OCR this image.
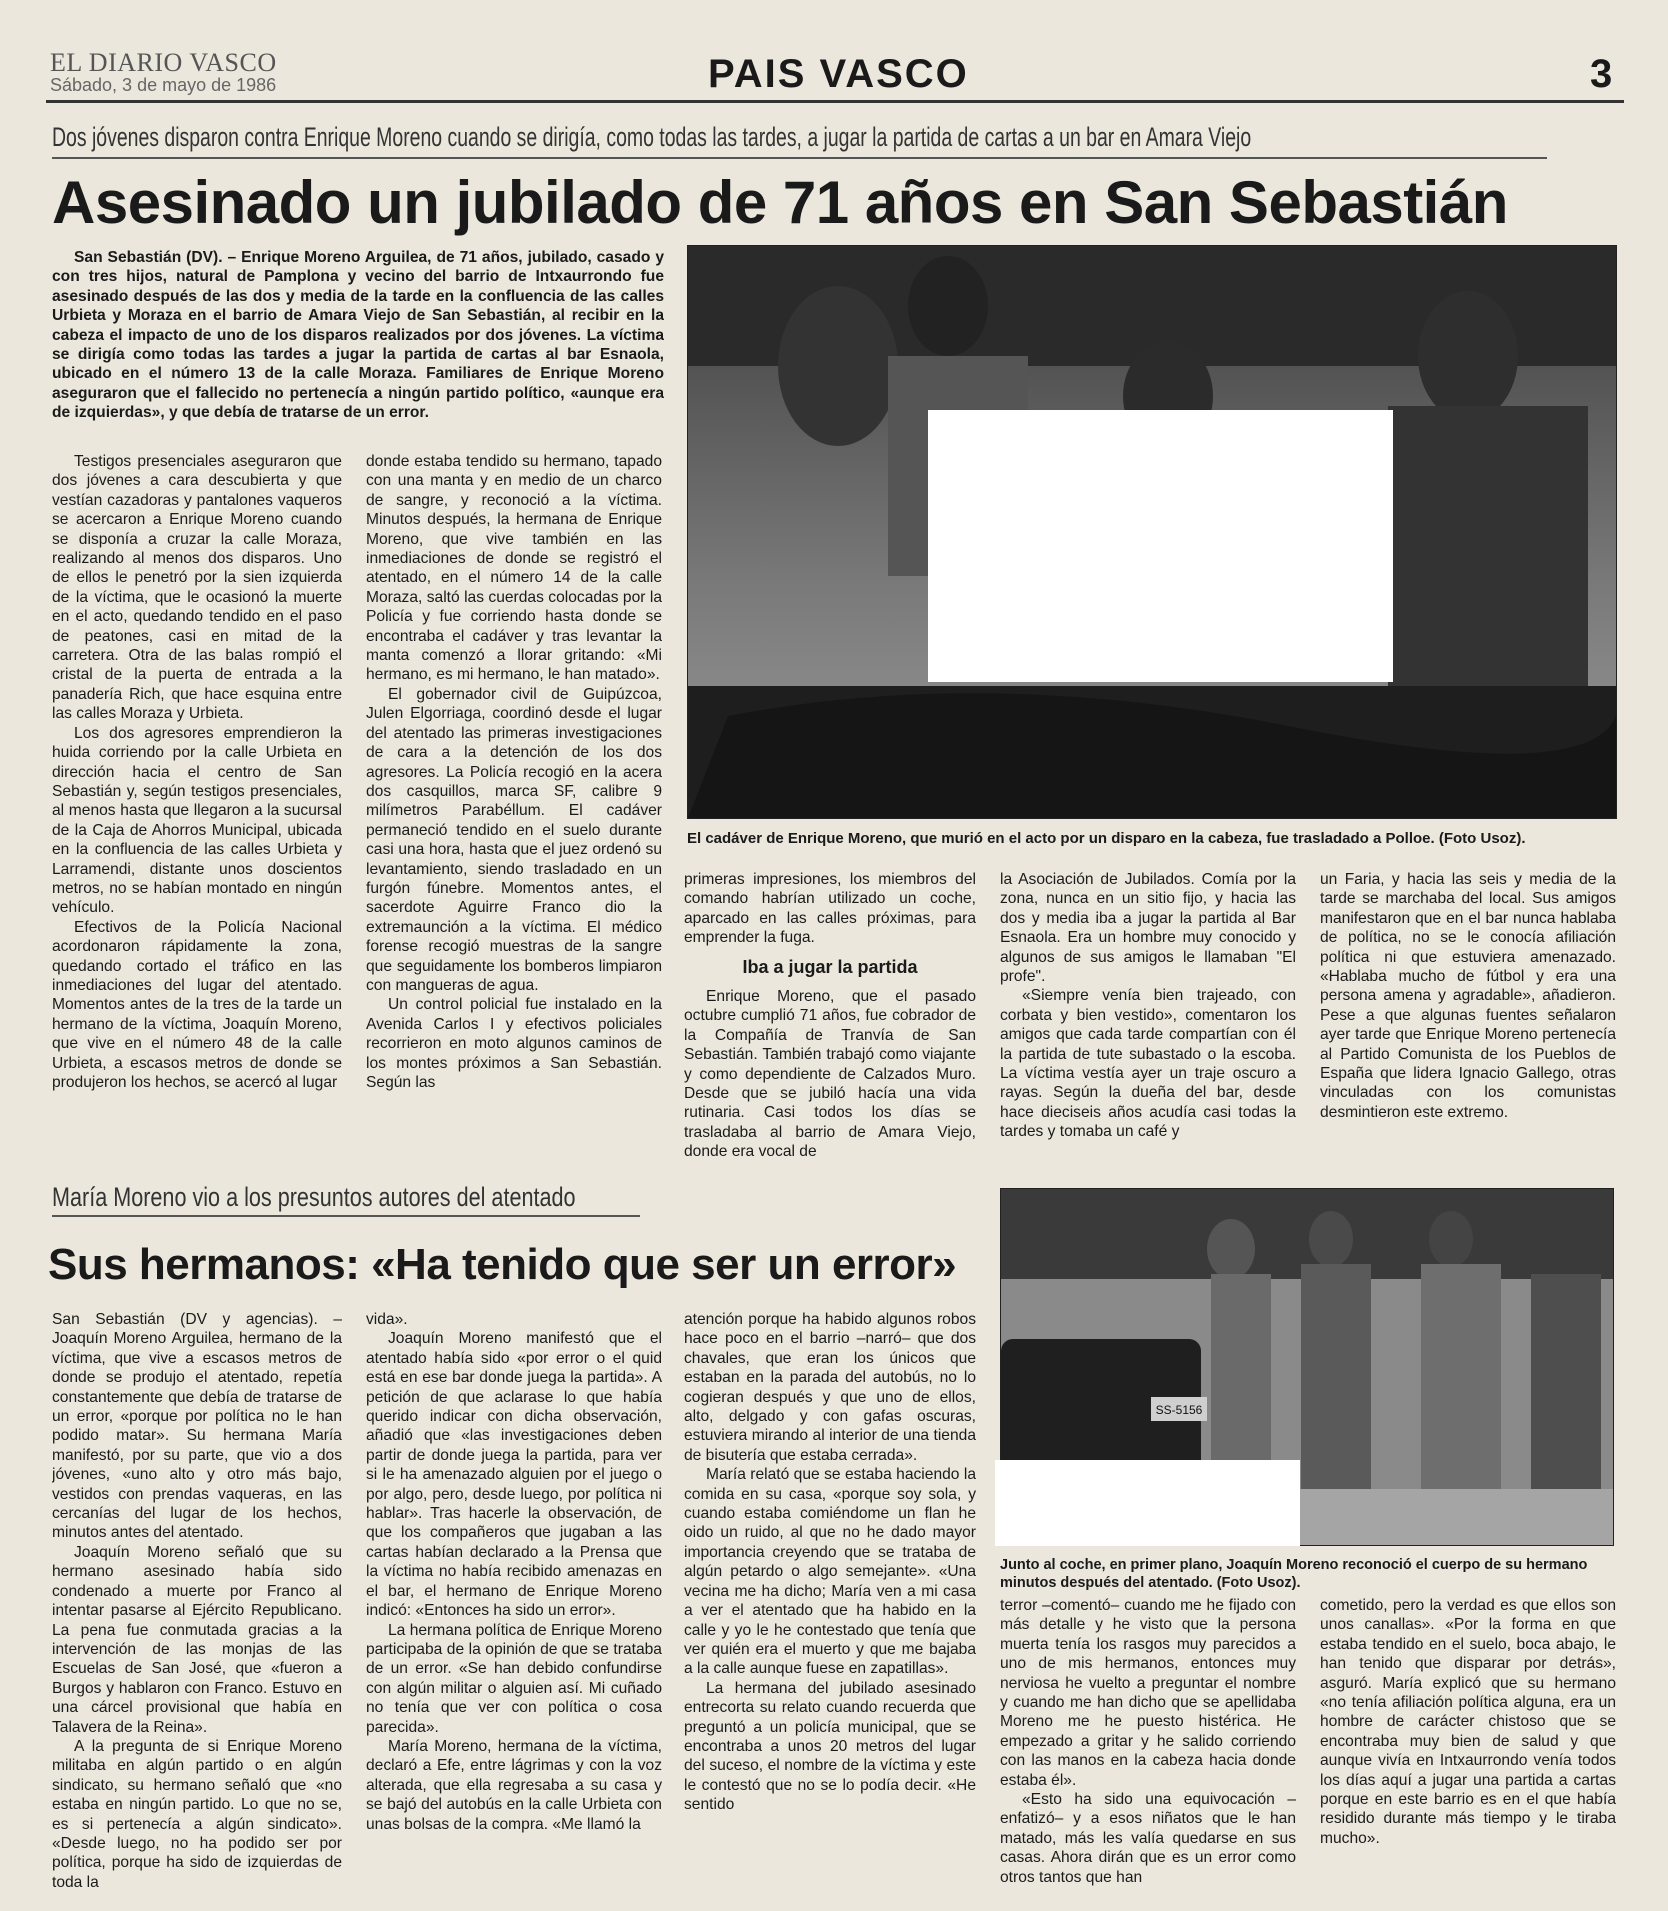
EL DIARIO VASCO
Sábado, 3 de mayo de 1986	PAIS VASCO	3
Dos jóvenes disparon contra Enrique Moreno cuando se dirigía, como todas las tardes, a jugar la partida de cartas a un bar en Amara Viejo
Asesinado un jubilado de 71 años en San Sebastián

San Sebastián (DV). – Enrique Moreno Arguilea, de 71 años, jubilado, casado y con tres hijos, natural de Pamplona y vecino del barrio de Intxaurrondo fue asesinado después de las dos y media de la tarde en la confluencia de las calles Urbieta y Moraza en el barrio de Amara Viejo de San Sebastián, al recibir en la cabeza el impacto de uno de los disparos realizados por dos jóvenes. La víctima se dirigía como todas las tardes a jugar la partida de cartas al bar Esnaola, ubicado en el número 13 de la calle Moraza. Familiares de Enrique Moreno aseguraron que el fallecido no pertenecía a ningún partido político, «aunque era de izquierdas», y que debía de tratarse de un error.

El cadáver de Enrique Moreno, que murió en el acto por un disparo en la cabeza, fue trasladado a Polloe. (Foto Usoz).

Testigos presenciales aseguraron que dos jóvenes a cara descubierta y que vestían cazadoras y pantalones vaqueros se acercaron a Enrique Moreno cuando se disponía a cruzar la calle Moraza, realizando al menos dos disparos. Uno de ellos le penetró por la sien izquierda de la víctima, que le ocasionó la muerte en el acto, quedando tendido en el paso de peatones, casi en mitad de la carretera. Otra de las balas rompió el cristal de la puerta de entrada a la panadería Rich, que hace esquina entre las calles Moraza y Urbieta.

Los dos agresores emprendieron la huida corriendo por la calle Urbieta en dirección hacia el centro de San Sebastián y, según testigos presenciales, al menos hasta que llegaron a la sucursal de la Caja de Ahorros Municipal, ubicada en la confluencia de las calles Urbieta y Larramendi, distante unos doscientos metros, no se habían montado en ningún vehículo.

Efectivos de la Policía Nacional acordonaron rápidamente la zona, quedando cortado el tráfico en las inmediaciones del lugar del atentado. Momentos antes de la tres de la tarde un hermano de la víctima, Joaquín Moreno, que vive en el número 48 de la calle Urbieta, a escasos metros de donde se produjeron los hechos, se acercó al lugar

donde estaba tendido su hermano, tapado con una manta y en medio de un charco de sangre, y reconoció a la víctima. Minutos después, la hermana de Enrique Moreno, que vive también en las inmediaciones de donde se registró el atentado, en el número 14 de la calle Moraza, saltó las cuerdas colocadas por la Policía y fue corriendo hasta donde se encontraba el cadáver y tras levantar la manta comenzó a llorar gritando: «Mi hermano, es mi hermano, le han matado».

El gobernador civil de Guipúzcoa, Julen Elgorriaga, coordinó desde el lugar del atentado las primeras investigaciones de cara a la detención de los dos agresores. La Policía recogió en la acera dos casquillos, marca SF, calibre 9 milímetros Parabéllum. El cadáver permaneció tendido en el suelo durante casi una hora, hasta que el juez ordenó su levantamiento, siendo trasladado en un furgón fúnebre. Momentos antes, el sacerdote Aguirre Franco dio la extremaunción a la víctima. El médico forense recogió muestras de la sangre que seguidamente los bomberos limpiaron con mangueras de agua.

Un control policial fue instalado en la Avenida Carlos I y efectivos policiales recorrieron en moto algunos caminos de los montes próximos a San Sebastián. Según las

primeras impresiones, los miembros del comando habrían utilizado un coche, aparcado en las calles próximas, para emprender la fuga.

Iba a jugar la partida

Enrique Moreno, que el pasado octubre cumplió 71 años, fue cobrador de la Compañía de Tranvía de San Sebastián. También trabajó como viajante y como dependiente de Calzados Muro. Desde que se jubiló hacía una vida rutinaria. Casi todos los días se trasladaba al barrio de Amara Viejo, donde era vocal de

la Asociación de Jubilados. Comía por la zona, nunca en un sitio fijo, y hacia las dos y media iba a jugar la partida al Bar Esnaola. Era un hombre muy conocido y algunos de sus amigos le llamaban "El profe".

«Siempre venía bien trajeado, con corbata y bien vestido», comentaron los amigos que cada tarde compartían con él la partida de tute subastado o la escoba. La víctima vestía ayer un traje oscuro a rayas. Según la dueña del bar, desde hace dieciseis años acudía casi todas la tardes y tomaba un café y

un Faria, y hacia las seis y media de la tarde se marchaba del local. Sus amigos manifestaron que en el bar nunca hablaba de política, no se le conocía afiliación política ni que estuviera amenazado. «Hablaba mucho de fútbol y era una persona amena y agradable», añadieron. Pese a que algunas fuentes señalaron ayer tarde que Enrique Moreno pertenecía al Partido Comunista de los Pueblos de España que lidera Ignacio Gallego, otras vinculadas con los comunistas desmintieron este extremo.

María Moreno vio a los presuntos autores del atentado
Sus hermanos: «Ha tenido que ser un error»
SS-5156
Junto al coche, en primer plano, Joaquín Moreno reconoció el cuerpo de su hermano minutos después del atentado. (Foto Usoz).

San Sebastián (DV y agencias). – Joaquín Moreno Arguilea, hermano de la víctima, que vive a escasos metros de donde se produjo el atentado, repetía constantemente que debía de tratarse de un error, «porque por política no le han podido matar». Su hermana María manifestó, por su parte, que vio a dos jóvenes, «uno alto y otro más bajo, vestidos con prendas vaqueras, en las cercanías del lugar de los hechos, minutos antes del atentado.

Joaquín Moreno señaló que su hermano asesinado había sido condenado a muerte por Franco al intentar pasarse al Ejército Republicano. La pena fue conmutada gracias a la intervención de las monjas de las Escuelas de San José, que «fueron a Burgos y hablaron con Franco. Estuvo en una cárcel provisional que había en Talavera de la Reina».

A la pregunta de si Enrique Moreno militaba en algún partido o en algún sindicato, su hermano señaló que «no estaba en ningún partido. Lo que no se, es si pertenecía a algún sindicato». «Desde luego, no ha podido ser por política, porque ha sido de izquierdas de toda la

vida».

Joaquín Moreno manifestó que el atentado había sido «por error o el quid está en ese bar donde juega la partida». A petición de que aclarase lo que había querido indicar con dicha observación, añadió que «las investigaciones deben partir de donde juega la partida, para ver si le ha amenazado alguien por el juego o por algo, pero, desde luego, por política ni hablar». Tras hacerle la observación, de que los compañeros que jugaban a las cartas habían declarado a la Prensa que la víctima no había recibido amenazas en el bar, el hermano de Enrique Moreno indicó: «Entonces ha sido un error».

La hermana política de Enrique Moreno participaba de la opinión de que se trataba de un error. «Se han debido confundirse con algún militar o alguien así. Mi cuñado no tenía que ver con política o cosa parecida».

María Moreno, hermana de la víctima, declaró a Efe, entre lágrimas y con la voz alterada, que ella regresaba a su casa y se bajó del autobús en la calle Urbieta con unas bolsas de la compra. «Me llamó la

atención porque ha habido algunos robos hace poco en el barrio –narró– que dos chavales, que eran los únicos que estaban en la parada del autobús, no lo cogieran después y que uno de ellos, alto, delgado y con gafas oscuras, estuviera mirando al interior de una tienda de bisutería que estaba cerrada».

María relató que se estaba haciendo la comida en su casa, «porque soy sola, y cuando estaba comiéndome un flan he oido un ruido, al que no he dado mayor importancia creyendo que se trataba de algún petardo o algo semejante». «Una vecina me ha dicho; María ven a mi casa a ver el atentado que ha habido en la calle y yo le he contestado que tenía que ver quién era el muerto y que me bajaba a la calle aunque fuese en zapatillas».

La hermana del jubilado asesinado entrecorta su relato cuando recuerda que preguntó a un policía municipal, que se encontraba a unos 20 metros del lugar del suceso, el nombre de la víctima y este le contestó que no se lo podía decir. «He sentido

terror –comentó– cuando me he fijado con más detalle y he visto que la persona muerta tenía los rasgos muy parecidos a uno de mis hermanos, entonces muy nerviosa he vuelto a preguntar el nombre y cuando me han dicho que se apellidaba Moreno me he puesto histérica. He empezado a gritar y he salido corriendo con las manos en la cabeza hacia donde estaba él».

«Esto ha sido una equivocación –enfatizó– y a esos niñatos que le han matado, más les valía quedarse en sus casas. Ahora dirán que es un error como otros tantos que han

cometido, pero la verdad es que ellos son unos canallas». «Por la forma en que estaba tendido en el suelo, boca abajo, le han tenido que disparar por detrás», asguró. María explicó que su hermano «no tenía afiliación política alguna, era un hombre de carácter chistoso que se encontraba muy bien de salud y que aunque vivía en Intxaurrondo venía todos los días aquí a jugar una partida a cartas porque en este barrio es en el que había residido durante más tiempo y le tiraba mucho».
